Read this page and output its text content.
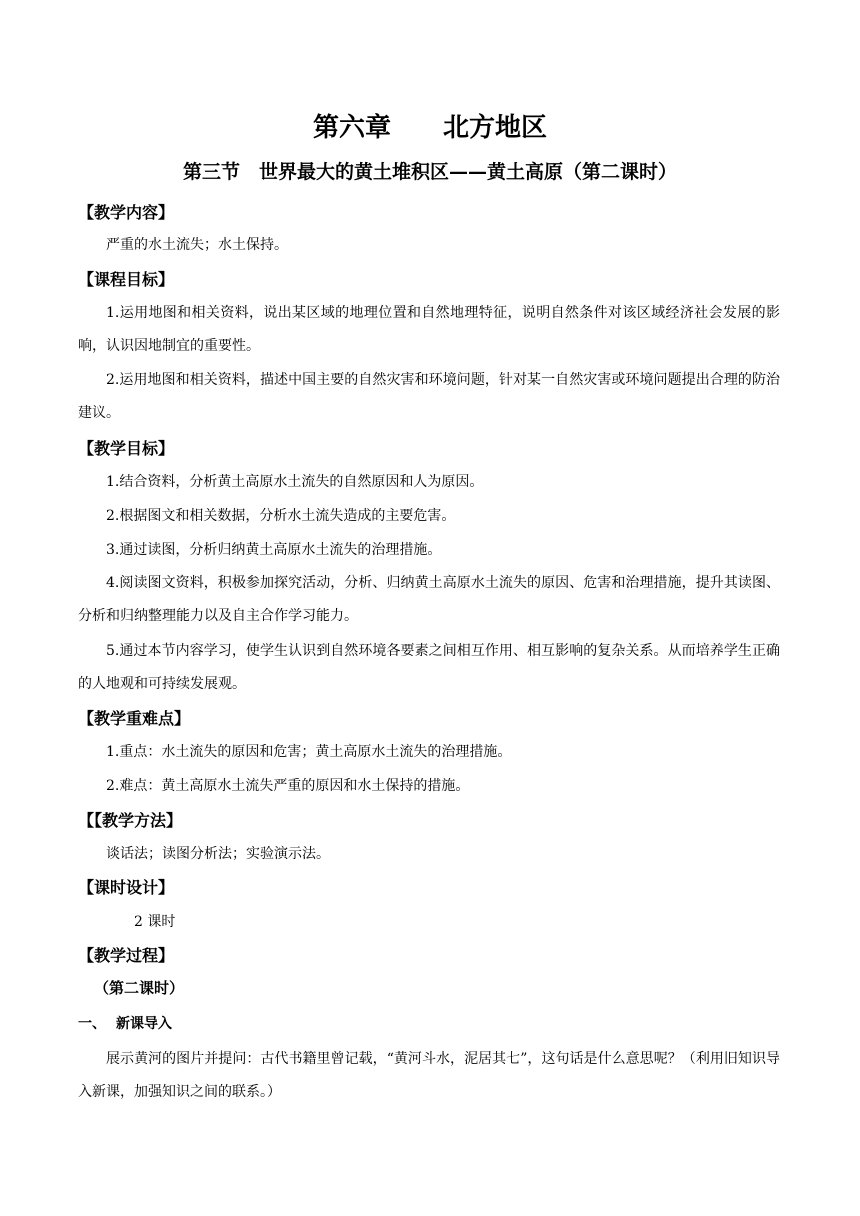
第六章　　北方地区
第三节　世界最大的黄土堆积区——黄土高原（第二课时）
【教学内容】
严重的水土流失；水土保持。
【课程目标】
1.运用地图和相关资料，说出某区域的地理位置和自然地理特征，说明自然条件对该区域经济社会发展的影响，认识因地制宜的重要性。
2.运用地图和相关资料，描述中国主要的自然灾害和环境问题，针对某一自然灾害或环境问题提出合理的防治建议。
【教学目标】
1.结合资料，分析黄土高原水土流失的自然原因和人为原因。
2.根据图文和相关数据，分析水土流失造成的主要危害。
3.通过读图，分析归纳黄土高原水土流失的治理措施。
4.阅读图文资料，积极参加探究活动，分析、归纳黄土高原水土流失的原因、危害和治理措施，提升其读图、分析和归纳整理能力以及自主合作学习能力。
5.通过本节内容学习，使学生认识到自然环境各要素之间相互作用、相互影响的复杂关系。从而培养学生正确的人地观和可持续发展观。
【教学重难点】
1.重点：水土流失的原因和危害；黄土高原水土流失的治理措施。
2.难点：黄土高原水土流失严重的原因和水土保持的措施。
【【教学方法】
谈话法；读图分析法；实验演示法。
【课时设计】
2 课时
【教学过程】
（第二课时）
一、 新课导入
展示黄河的图片并提问：古代书籍里曾记载，“黄河斗水，泥居其七”，这句话是什么意思呢？（利用旧知识导入新课，加强知识之间的联系。）
